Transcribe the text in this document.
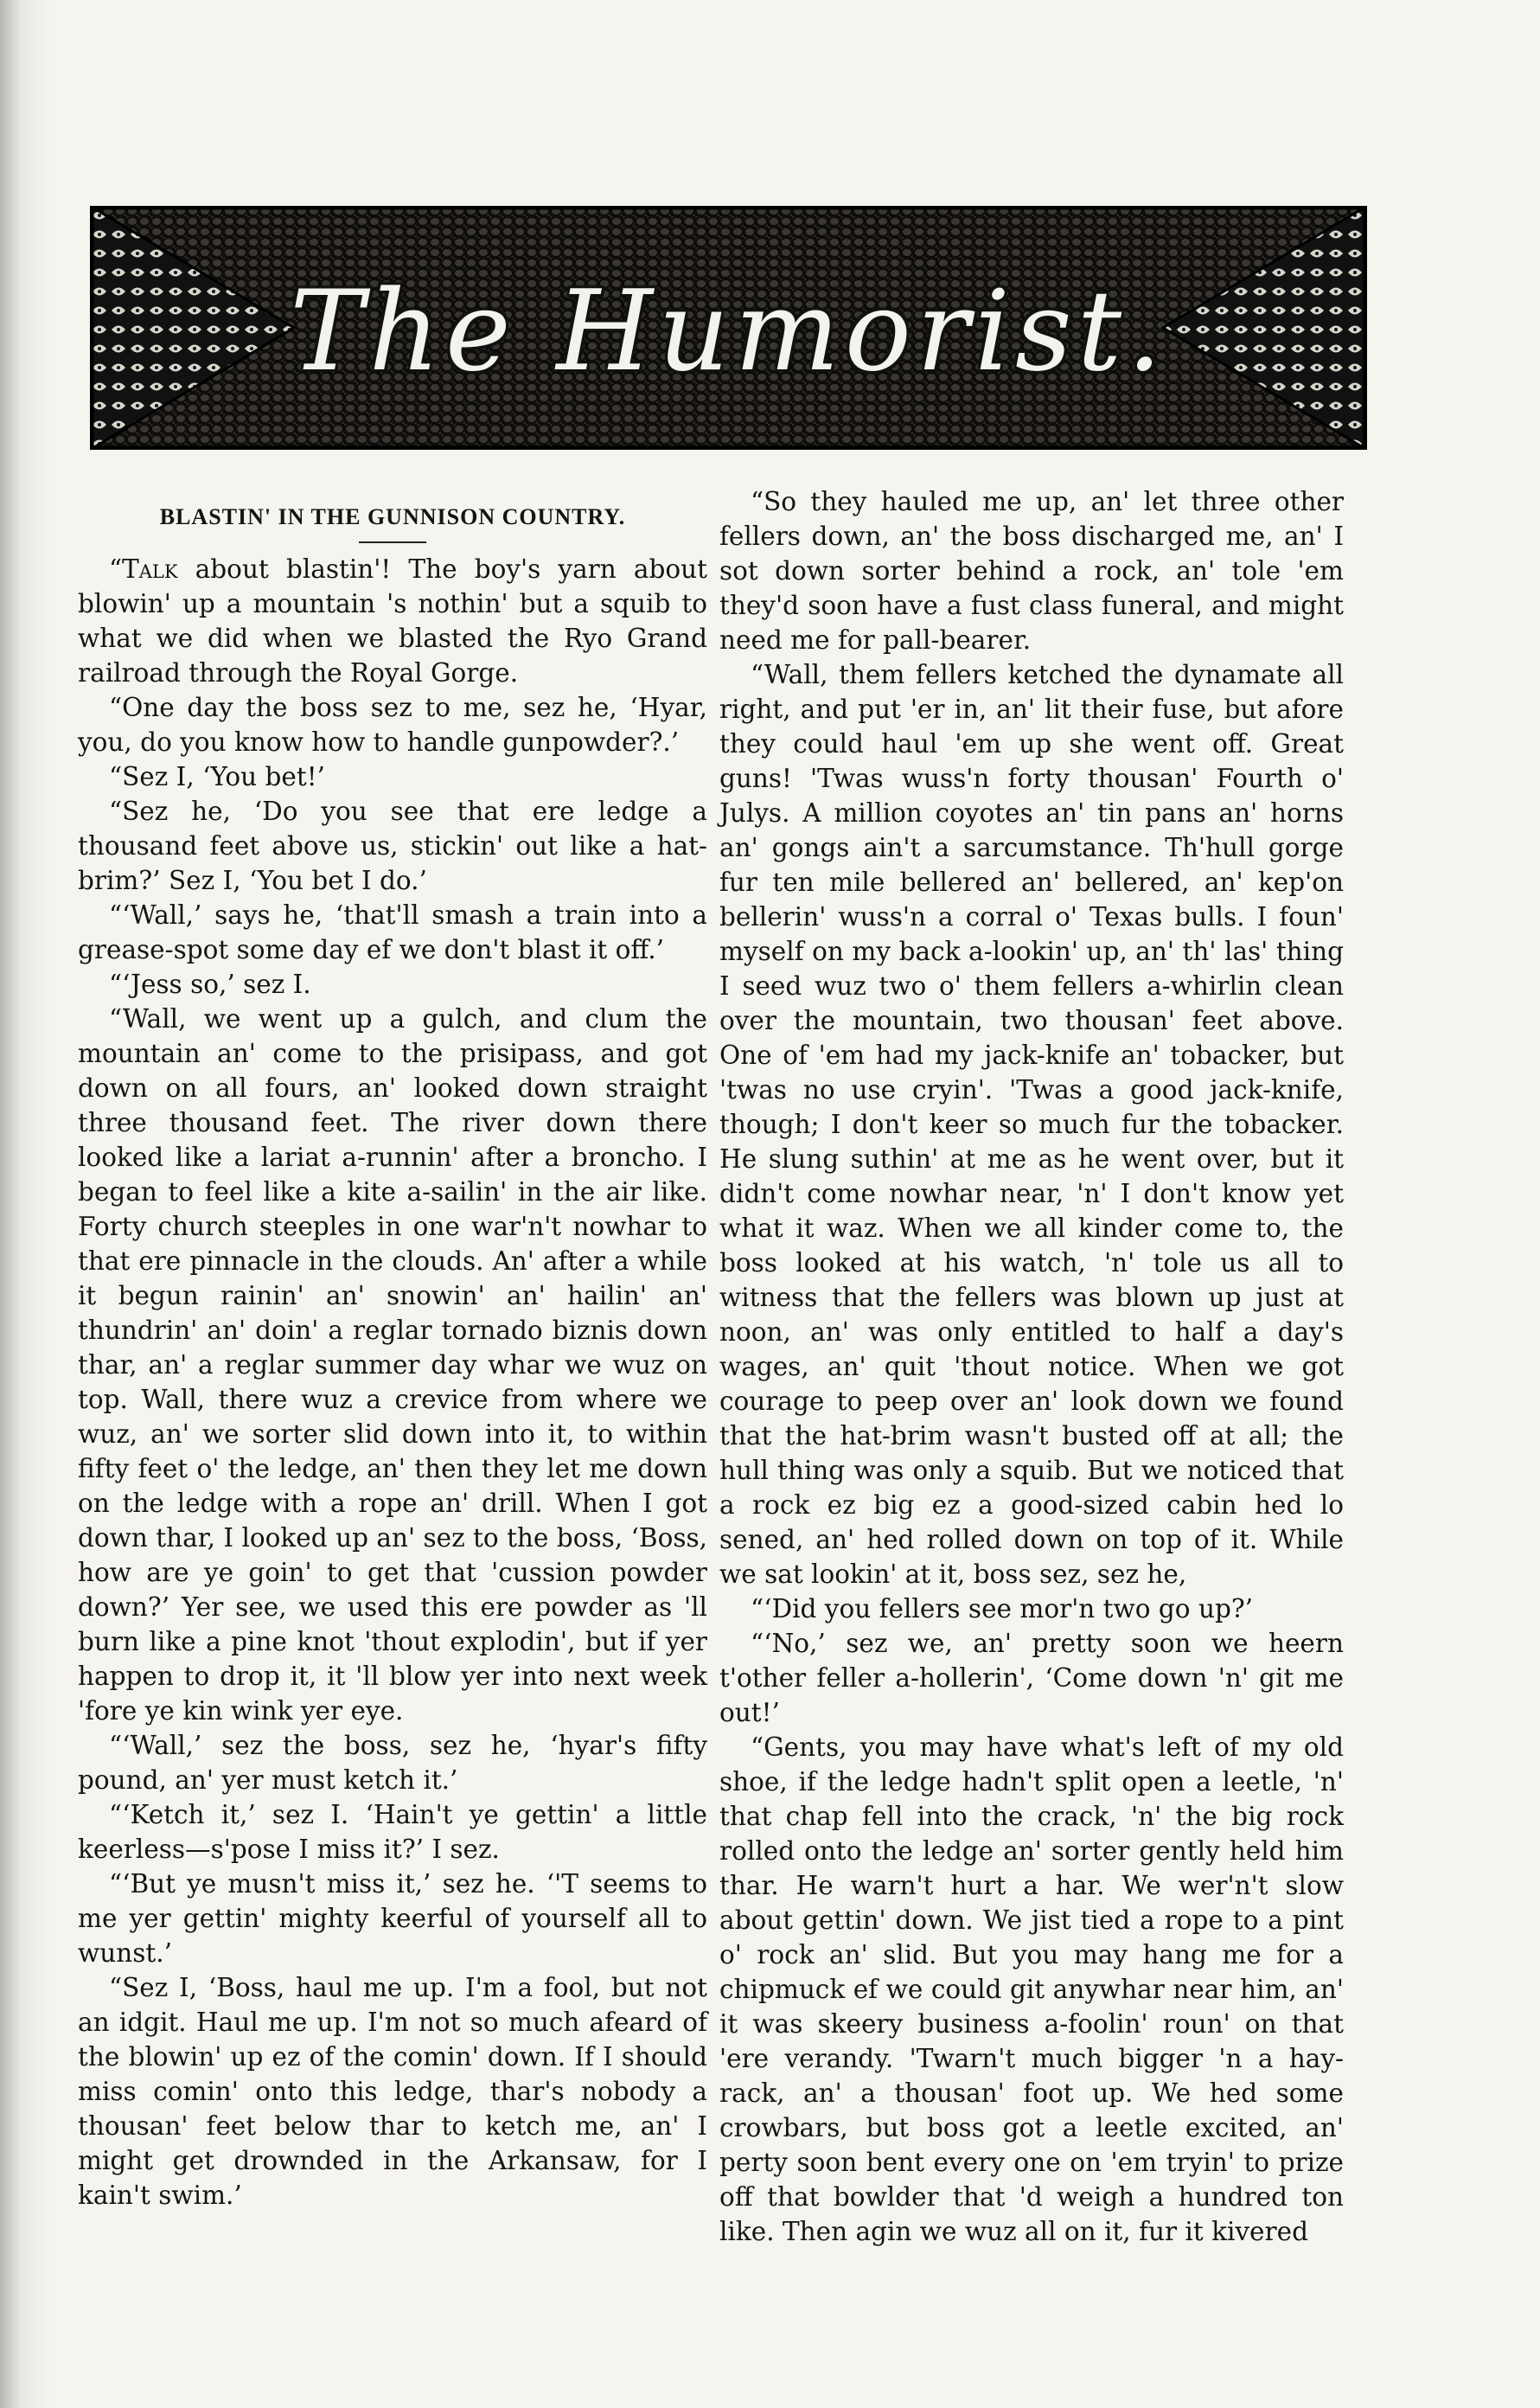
The Humorist.
BLASTIN' IN THE GUNNISON COUNTRY.

“Talk about blastin'! The boy's yarn about blowin' up a mountain 's nothin' but a squib to what we did when we blasted the Ryo Grand railroad through the Royal Gorge.

“One day the boss sez to me, sez he, ‘Hyar, you, do you know how to handle gunpowder?.’

“Sez I, ‘You bet!’

“Sez he, ‘Do you see that ere ledge a thousand feet above us, stickin' out like a hat-brim?’ Sez I, ‘You bet I do.’

“‘Wall,’ says he, ‘that'll smash a train into a grease-spot some day ef we don't blast it off.’

“‘Jess so,’ sez I.

“Wall, we went up a gulch, and clum the mountain an' come to the prisipass, and got down on all fours, an' looked down straight three thousand feet. The river down there looked like a lariat a-runnin' after a broncho. I began to feel like a kite a-sailin' in the air like. Forty church steeples in one war'n't nowhar to that ere pinnacle in the clouds. An' after a while it begun rainin' an' snowin' an' hailin' an' thundrin' an' doin' a reglar tornado biznis down thar, an' a reglar summer day whar we wuz on top. Wall, there wuz a crevice from where we wuz, an' we sorter slid down into it, to within fifty feet o' the ledge, an' then they let me down on the ledge with a rope an' drill. When I got down thar, I looked up an' sez to the boss, ‘Boss, how are ye goin' to get that 'cussion powder down?’ Yer see, we used this ere powder as 'll burn like a pine knot 'thout explodin', but if yer happen to drop it, it 'll blow yer into next week 'fore ye kin wink yer eye.

“‘Wall,’ sez the boss, sez he, ‘hyar's fifty pound, an' yer must ketch it.’

“‘Ketch it,’ sez I. ‘Hain't ye gettin' a little keerless—s'pose I miss it?’ I sez.

“‘But ye musn't miss it,’ sez he. ‘'T seems to me yer gettin' mighty keerful of yourself all to wunst.’

“Sez I, ‘Boss, haul me up. I'm a fool, but not an idgit. Haul me up. I'm not so much afeard of the blowin' up ez of the comin' down. If I should miss comin' onto this ledge, thar's nobody a thousan' feet below thar to ketch me, an' I might get drownded in the Arkansaw, for I kain't swim.’

“So they hauled me up, an' let three other fellers down, an' the boss discharged me, an' I sot down sorter behind a rock, an' tole 'em they'd soon have a fust class funeral, and might need me for pall-bearer.

“Wall, them fellers ketched the dynamate all right, and put 'er in, an' lit their fuse, but afore they could haul 'em up she went off. Great guns! 'Twas wuss'n forty thousan' Fourth o' Julys. A million coyotes an' tin pans an' horns an' gongs ain't a sarcumstance. Th'hull gorge fur ten mile bellered an' bellered, an' kep'on bellerin' wuss'n a corral o' Texas bulls. I foun' myself on my back a-lookin' up, an' th' las' thing I seed wuz two o' them fellers a-whirlin clean over the mountain, two thousan' feet above. One of 'em had my jack-knife an' tobacker, but 'twas no use cryin'. 'Twas a good jack-knife, though; I don't keer so much fur the tobacker. He slung suthin' at me as he went over, but it didn't come nowhar near, 'n' I don't know yet what it waz. When we all kinder come to, the boss looked at his watch, 'n' tole us all to witness that the fellers was blown up just at noon, an' was only entitled to half a day's wages, an' quit 'thout notice. When we got courage to peep over an' look down we found that the hat-brim wasn't busted off at all; the hull thing was only a squib. But we noticed that a rock ez big ez a good-sized cabin hed lo sened, an' hed rolled down on top of it. While we sat lookin' at it, boss sez, sez he,

“‘Did you fellers see mor'n two go up?’

“‘No,’ sez we, an' pretty soon we heern t'other feller a-hollerin', ‘Come down 'n' git me out!’

“Gents, you may have what's left of my old shoe, if the ledge hadn't split open a leetle, 'n' that chap fell into the crack, 'n' the big rock rolled onto the ledge an' sorter gently held him thar. He warn't hurt a har. We wer'n't slow about gettin' down. We jist tied a rope to a pint o' rock an' slid. But you may hang me for a chipmuck ef we could git anywhar near him, an' it was skeery business a-foolin' roun' on that 'ere verandy. 'Twarn't much bigger 'n a hay-rack, an' a thousan' foot up. We hed some crowbars, but boss got a leetle excited, an' perty soon bent every one on 'em tryin' to prize off that bowlder that 'd weigh a hundred ton like. Then agin we wuz all on it, fur it kivered
